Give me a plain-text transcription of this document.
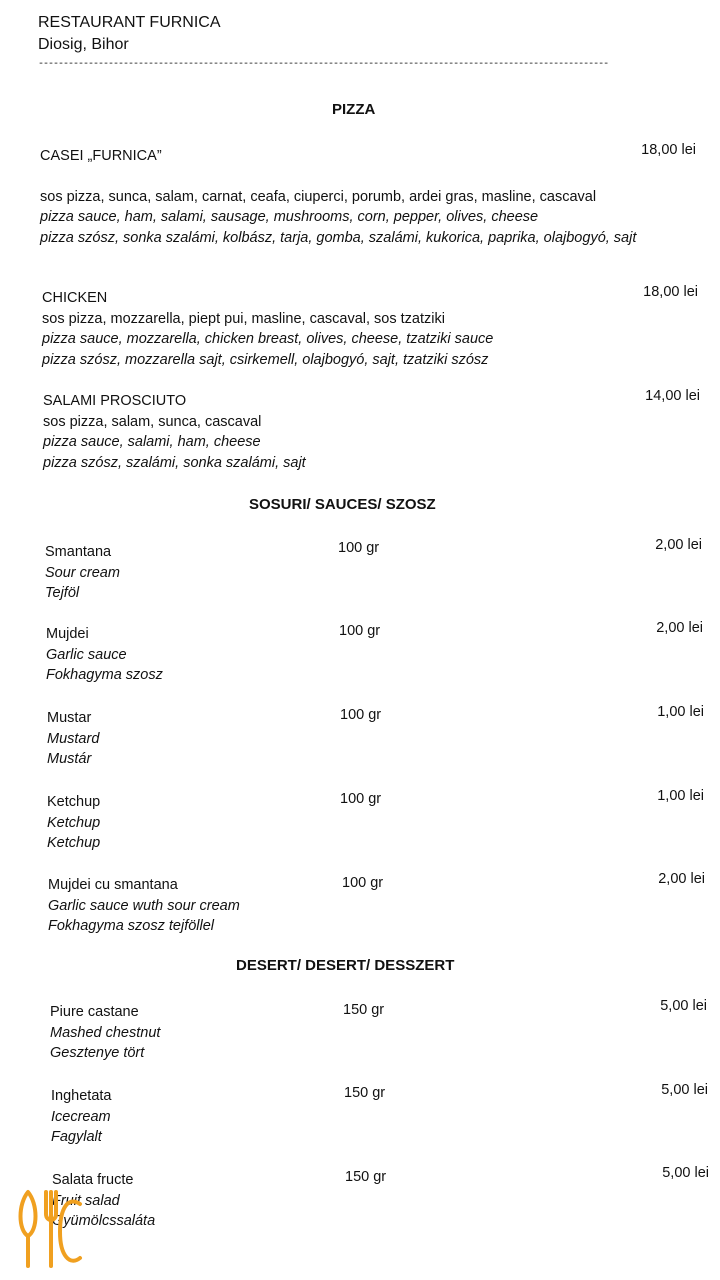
RESTAURANT FURNICA
Diosig, Bihor
------------------------------------------------------------------------------------------------------------------
PIZZA
CASEI „FURNICA”
sos pizza, sunca, salam, carnat, ceafa, ciuperci, porumb, ardei gras, masline, cascaval
pizza sauce, ham, salami, sausage, mushrooms, corn, pepper, olives, cheese
pizza szósz, sonka szalámi, kolbász, tarja, gomba, szalámi, kukorica, paprika, olajbogyó, sajt
18,00 lei
CHICKEN
sos pizza, mozzarella, piept pui, masline, cascaval, sos tzatziki
pizza sauce, mozzarella, chicken breast, olives, cheese, tzatziki sauce
pizza szósz, mozzarella sajt, csirkemell, olajbogyó, sajt, tzatziki szósz
18,00 lei
SALAMI PROSCIUTO
sos pizza, salam, sunca, cascaval
pizza sauce, salami, ham, cheese
pizza szósz, szalámi, sonka szalámi, sajt
14,00 lei
SOSURI/ SAUCES/ SZOSZ
Smantana
Sour cream
Tejföl
100 gr	2,00 lei
Mujdei
Garlic sauce
Fokhagyma szosz
100 gr	2,00 lei
Mustar
Mustard
Mustár
100 gr	1,00 lei
Ketchup
Ketchup
Ketchup
100 gr	1,00 lei
Mujdei cu smantana
Garlic sauce wuth sour cream
Fokhagyma szosz tejföllel
100 gr	2,00 lei
DESERT/ DESERT/ DESSZERT
Piure castane
Mashed chestnut
Gesztenye tört
150 gr	5,00 lei
Inghetata
Icecream
Fagylalt
150 gr	5,00 lei
Salata fructe
Fruit salad
Gyümölcssaláta
150 gr	5,00 lei
